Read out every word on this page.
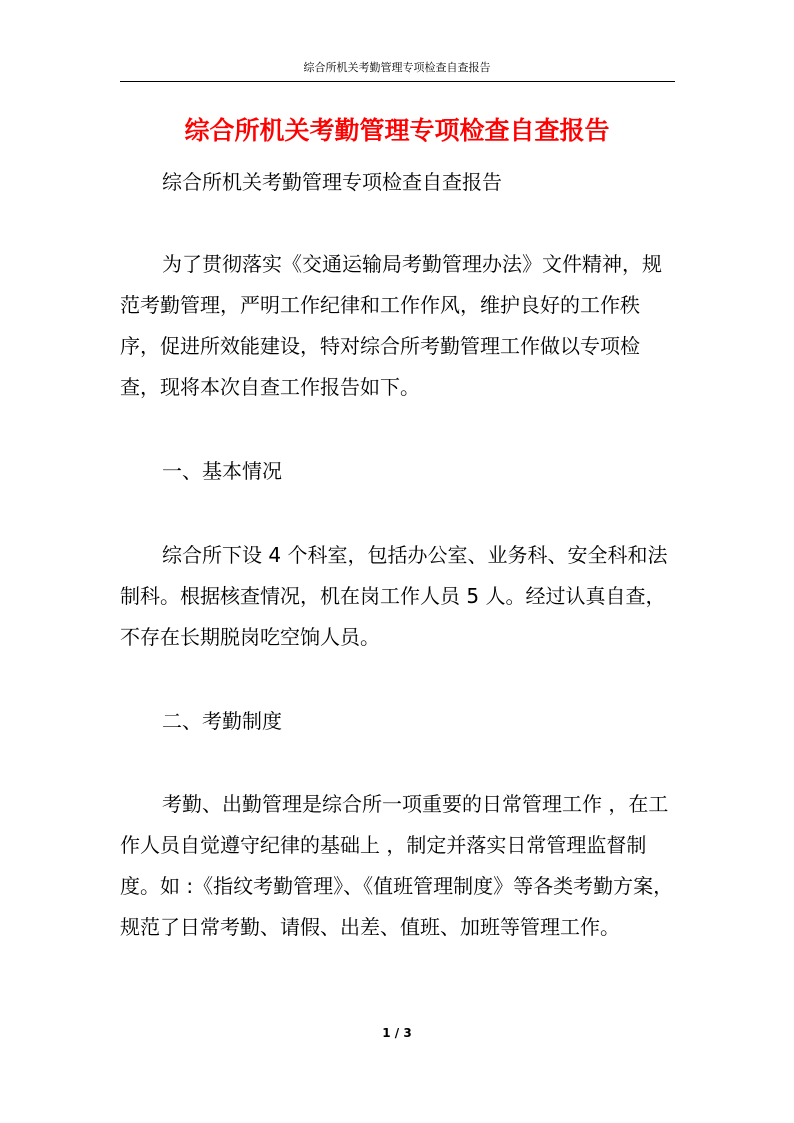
综合所机关考勤管理专项检查自查报告
综合所机关考勤管理专项检查自查报告

综合所机关考勤管理专项检查自查报告

为了贯彻落实《交通运输局考勤管理办法》文件精神，规范考勤管理，严明工作纪律和工作作风，维护良好的工作秩序，促进所效能建设，特对综合所考勤管理工作做以专项检查，现将本次自查工作报告如下。

一、基本情况

综合所下设 4 个科室，包括办公室、业务科、安全科和法制科。根据核查情况，机在岗工作人员 5 人。经过认真自查，不存在长期脱岗吃空饷人员。

二、考勤制度

考勤、出勤管理是综合所一项重要的日常管理工作 ，在工作人员自觉遵守纪律的基础上 ，制定并落实日常管理监督制度。如 :《指纹考勤管理》、《值班管理制度》等各类考勤方案，规范了日常考勤、请假、出差、值班、加班等管理工作。

1 / 3
